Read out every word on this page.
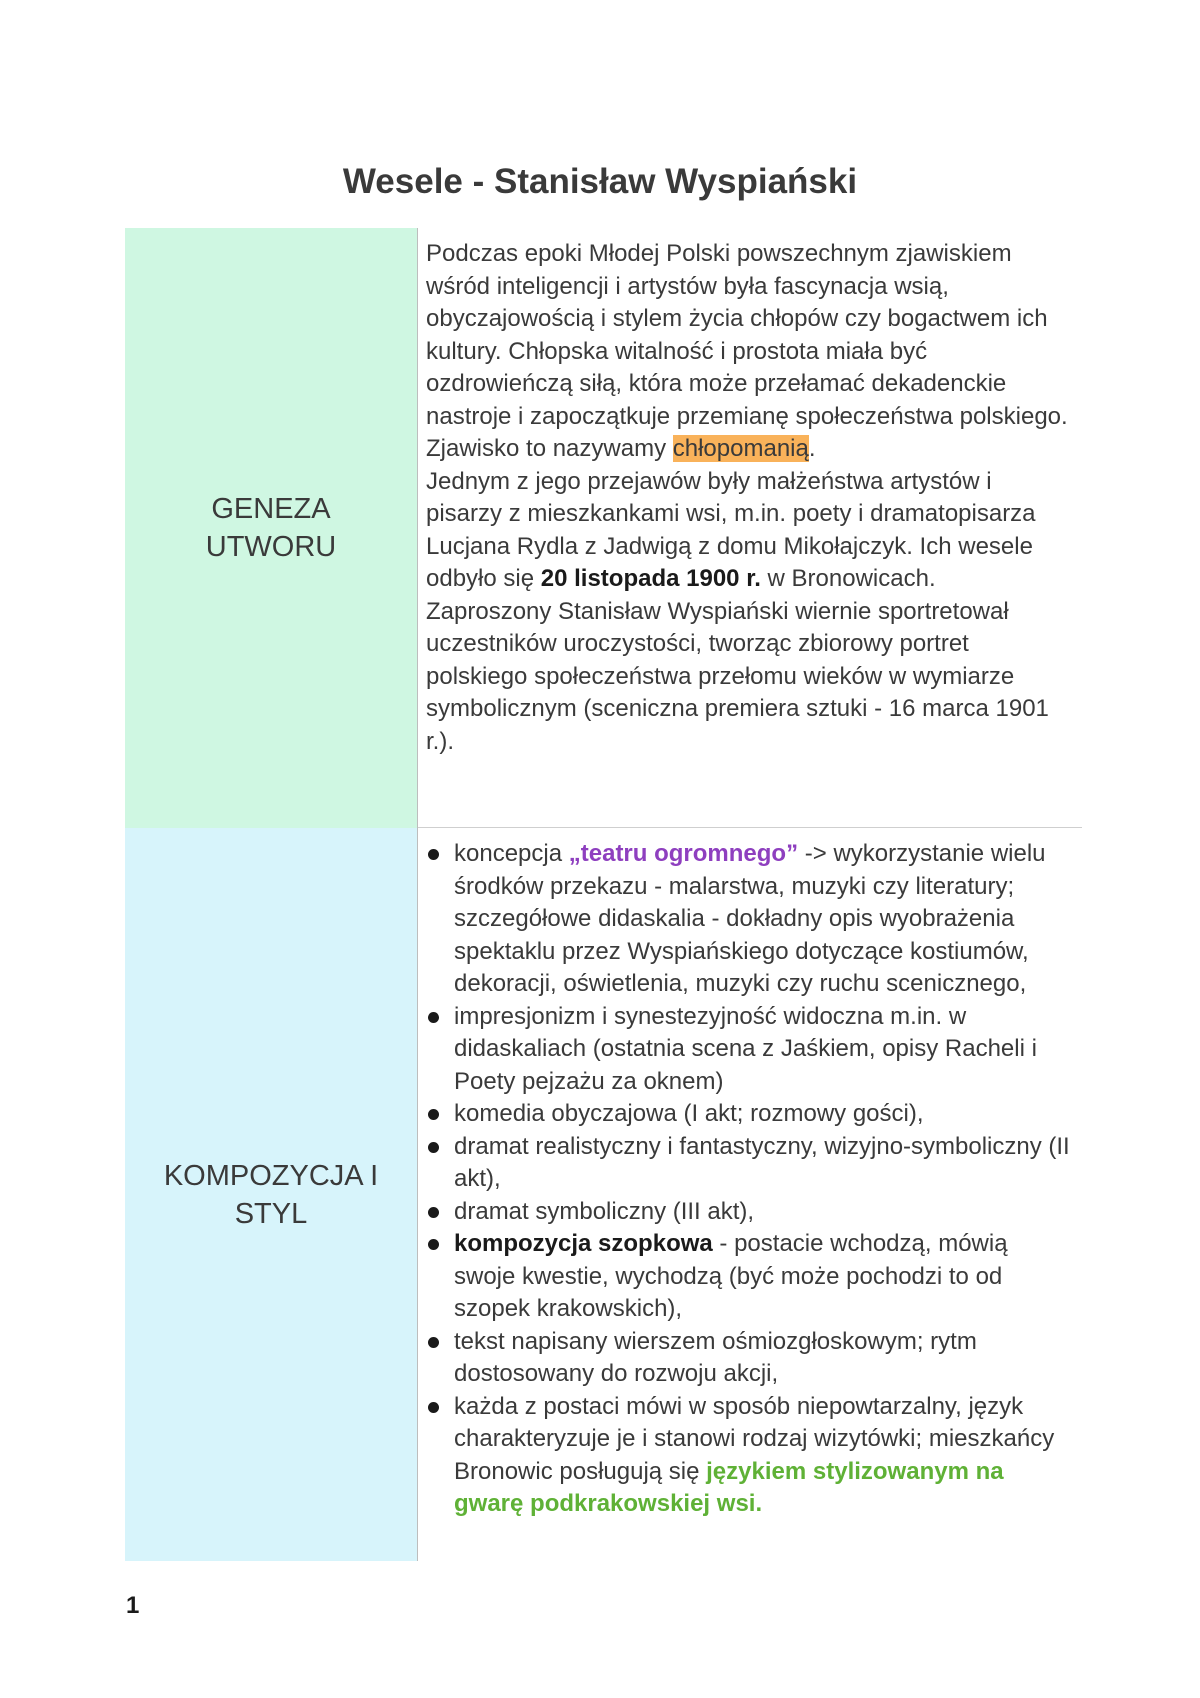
Wesele - Stanisław Wyspiański
GENEZA
UTWORU

Podczas epoki Młodej Polski powszechnym zjawiskiem wśród inteligencji i artystów była fascynacja wsią, obyczajowością i stylem życia chłopów czy bogactwem ich kultury. Chłopska witalność i prostota miała być ozdrowieńczą siłą, która może przełamać dekadenckie nastroje i zapoczątkuje przemianę społeczeństwa polskiego. Zjawisko to nazywamy chłopomanią.

Jednym z jego przejawów były małżeństwa artystów i pisarzy z mieszkankami wsi, m.in. poety i dramatopisarza Lucjana Rydla z Jadwigą z domu Mikołajczyk. Ich wesele odbyło się 20 listopada 1900 r. w Bronowicach.

Zaproszony Stanisław Wyspiański wiernie sportretował uczestników uroczystości, tworząc zbiorowy portret polskiego społeczeństwa przełomu wieków w wymiarze symbolicznym (sceniczna premiera sztuki - 16 marca 1901 r.).

KOMPOZYCJA I
STYL
koncepcja „teatru ogromnego” -> wykorzystanie wielu środków przekazu - malarstwa, muzyki czy literatury; szczegółowe didaskalia - dokładny opis wyobrażenia spektaklu przez Wyspiańskiego dotyczące kostiumów, dekoracji, oświetlenia, muzyki czy ruchu scenicznego,
impresjonizm i synestezyjność widoczna m.in. w didaskaliach (ostatnia scena z Jaśkiem, opisy Racheli i Poety pejzażu za oknem)
komedia obyczajowa (I akt; rozmowy gości),
dramat realistyczny i fantastyczny, wizyjno-symboliczny (II akt),
dramat symboliczny (III akt),
kompozycja szopkowa - postacie wchodzą, mówią swoje kwestie, wychodzą (być może pochodzi to od szopek krakowskich),
tekst napisany wierszem ośmiozgłoskowym; rytm dostosowany do rozwoju akcji,
każda z postaci mówi w sposób niepowtarzalny, język charakteryzuje je i stanowi rodzaj wizytówki; mieszkańcy Bronowic posługują się językiem stylizowanym na gwarę podkrakowskiej wsi.
1
